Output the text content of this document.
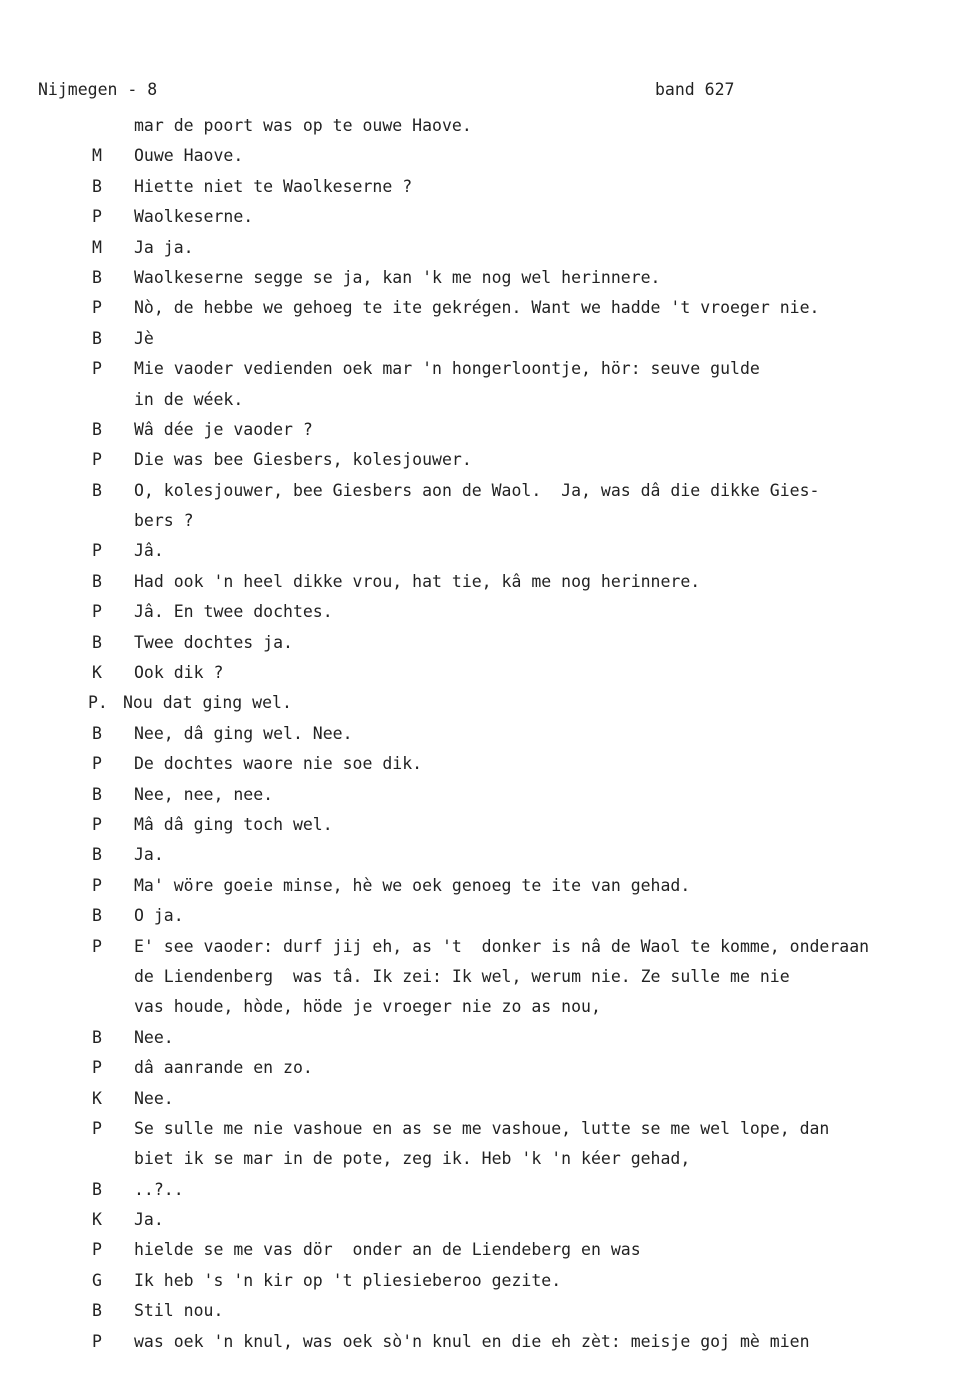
Nijmegen - 8	band 627
mar de poort was op te ouwe Haove.
M Ouwe Haove.
B Hiette niet te Waolkeserne ?
P Waolkeserne.
M Ja ja.
B Waolkeserne segge se ja, kan 'k me nog wel herinnere.
P Nò, de hebbe we gehoeg te ite gekrégen. Want we hadde 't vroeger nie.
B Jè
P Mie vaoder vedienden oek mar 'n hongerloontje, hör: seuve gulde
in de wéek.
B Wâ dée je vaoder ?
P Die was bee Giesbers, kolesjouwer.
B O, kolesjouwer, bee Giesbers aon de Waol.  Ja, was dâ die dikke Gies-
bers ?
P Jâ.
B Had ook 'n heel dikke vrou, hat tie, kâ me nog herinnere.
P Jâ. En twee dochtes.
B Twee dochtes ja.
K Ook dik ?
P. Nou dat ging wel.
B Nee, dâ ging wel. Nee.
P De dochtes waore nie soe dik.
B Nee, nee, nee.
P Mâ dâ ging toch wel.
B Ja.
P Ma' wöre goeie minse, hè we oek genoeg te ite van gehad.
B O ja.
P E' see vaoder: durf jij eh, as 't  donker is nâ de Waol te komme, onderaan
de Liendenberg  was tâ. Ik zei: Ik wel, werum nie. Ze sulle me nie
vas houde, hòde, höde je vroeger nie zo as nou,
B Nee.
P dâ aanrande en zo.
K Nee.
P Se sulle me nie vashoue en as se me vashoue, lutte se me wel lope, dan
biet ik se mar in de pote, zeg ik. Heb 'k 'n kéer gehad,
B ..?..
K Ja.
P hielde se me vas dör  onder an de Liendeberg en was
G Ik heb 's 'n kir op 't pliesieberoo gezite.
B Stil nou.
P was oek 'n knul, was oek sò'n knul en die eh zèt: meisje goj mè mien
